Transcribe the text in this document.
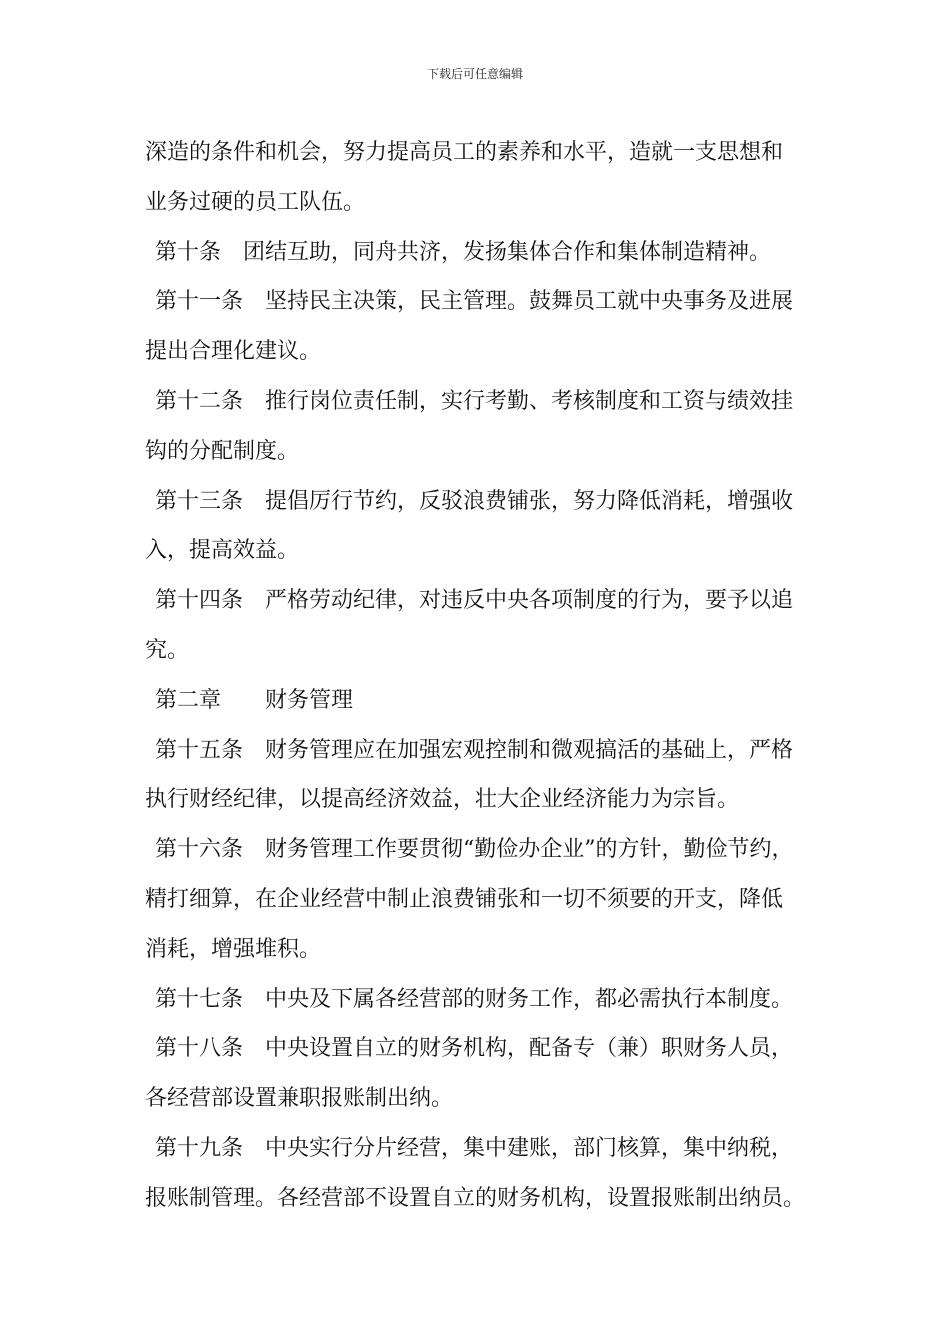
下载后可任意编辑
深造的条件和机会，努力提高员工的素养和水平，造就一支思想和
业务过硬的员工队伍。
第十条　团结互助，同舟共济，发扬集体合作和集体制造精神。
第十一条　坚持民主决策，民主管理。鼓舞员工就中央事务及进展
提出合理化建议。
第十二条　推行岗位责任制，实行考勤、考核制度和工资与绩效挂
钩的分配制度。
第十三条　提倡厉行节约，反驳浪费铺张，努力降低消耗，增强收
入，提高效益。
第十四条　严格劳动纪律，对违反中央各项制度的行为，要予以追
究。
第二章　　财务管理
第十五条　财务管理应在加强宏观控制和微观搞活的基础上，严格
执行财经纪律，以提高经济效益，壮大企业经济能力为宗旨。
第十六条　财务管理工作要贯彻“勤俭办企业”的方针，勤俭节约，
精打细算，在企业经营中制止浪费铺张和一切不须要的开支，降低
消耗，增强堆积。
第十七条　中央及下属各经营部的财务工作，都必需执行本制度。
第十八条　中央设置自立的财务机构，配备专（兼）职财务人员，
各经营部设置兼职报账制出纳。
第十九条　中央实行分片经营，集中建账，部门核算，集中纳税，
报账制管理。各经营部不设置自立的财务机构，设置报账制出纳员。
